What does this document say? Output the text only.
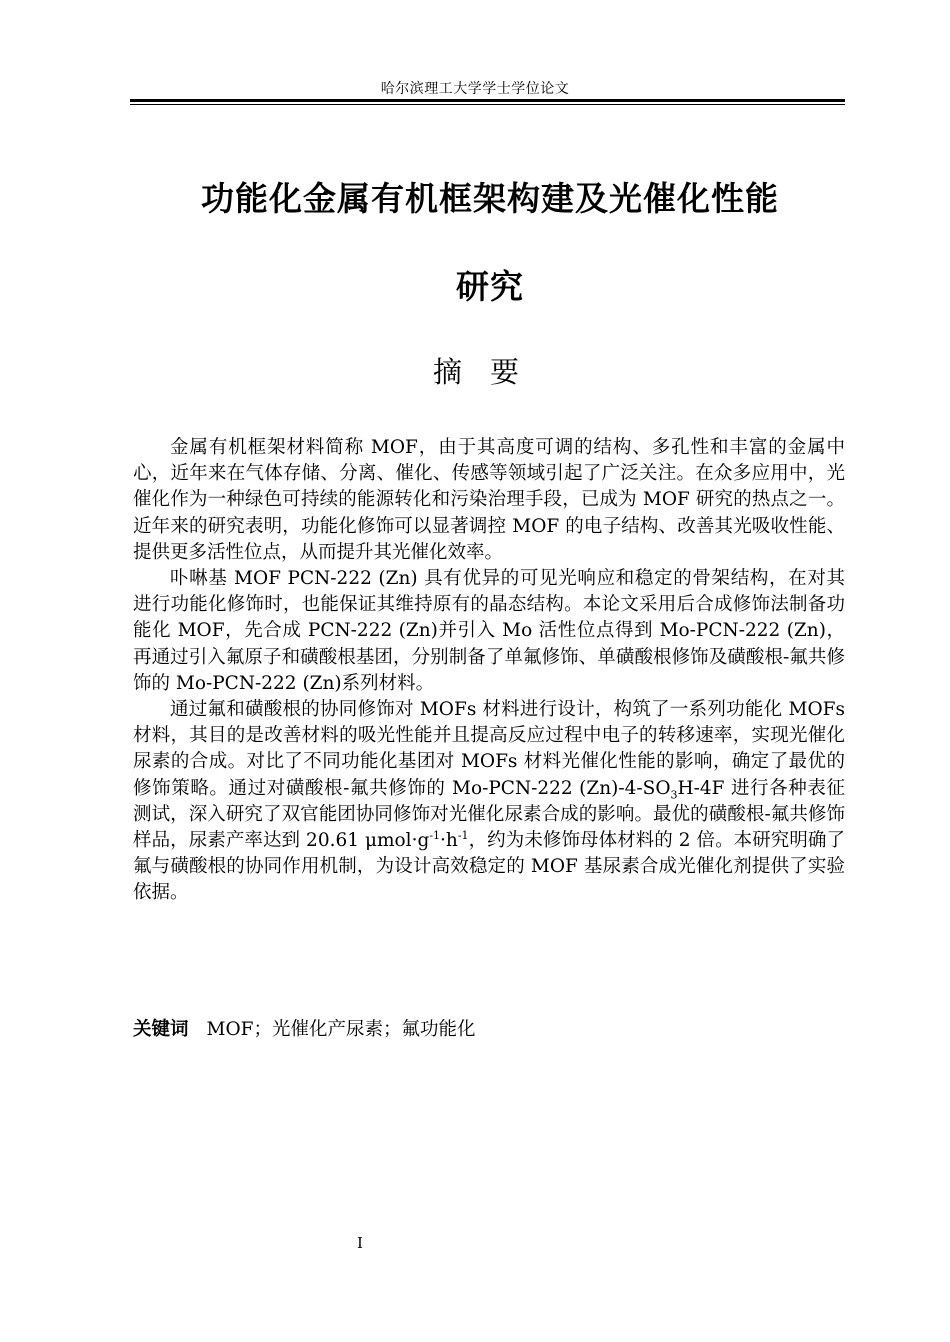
哈尔滨理工大学学士学位论文
功能化金属有机框架构建及光催化性能
研究
摘要

金属有机框架材料简称 MOF，由于其高度可调的结构、多孔性和丰富的金属中心，近年来在气体存储、分离、催化、传感等领域引起了广泛关注。在众多应用中，光催化作为一种绿色可持续的能源转化和污染治理手段，已成为 MOF 研究的热点之一。近年来的研究表明，功能化修饰可以显著调控 MOF 的电子结构、改善其光吸收性能、提供更多活性位点，从而提升其光催化效率。

卟啉基 MOF PCN-222 (Zn) 具有优异的可见光响应和稳定的骨架结构，在对其进行功能化修饰时，也能保证其维持原有的晶态结构。本论文采用后合成修饰法制备功能化 MOF，先合成 PCN-222 (Zn)并引入 Mo 活性位点得到 Mo-PCN-222 (Zn)，再通过引入氟原子和磺酸根基团，分别制备了单氟修饰、单磺酸根修饰及磺酸根-氟共修饰的 Mo-PCN-222 (Zn)系列材料。

通过氟和磺酸根的协同修饰对 MOFs 材料进行设计，构筑了一系列功能化 MOFs 材料，其目的是改善材料的吸光性能并且提高反应过程中电子的转移速率，实现光催化尿素的合成。对比了不同功能化基团对 MOFs 材料光催化性能的影响，确定了最优的修饰策略。通过对磺酸根-氟共修饰的 Mo-PCN-222 $(Zn)-4-SO_3H-4F$ 进行各种表征测试，深入研究了双官能团协同修饰对光催化尿素合成的影响。最优的磺酸根-氟共修饰样品，尿素产率达到 20.61 $\mu mol\cdot g^{-1}\cdot h^{-1}$，约为未修饰母体材料的 2 倍。本研究明确了氟与磺酸根的协同作用机制，为设计高效稳定的 MOF 基尿素合成光催化剂提供了实验依据。

关键词 MOF；光催化产尿素；氟功能化
I
